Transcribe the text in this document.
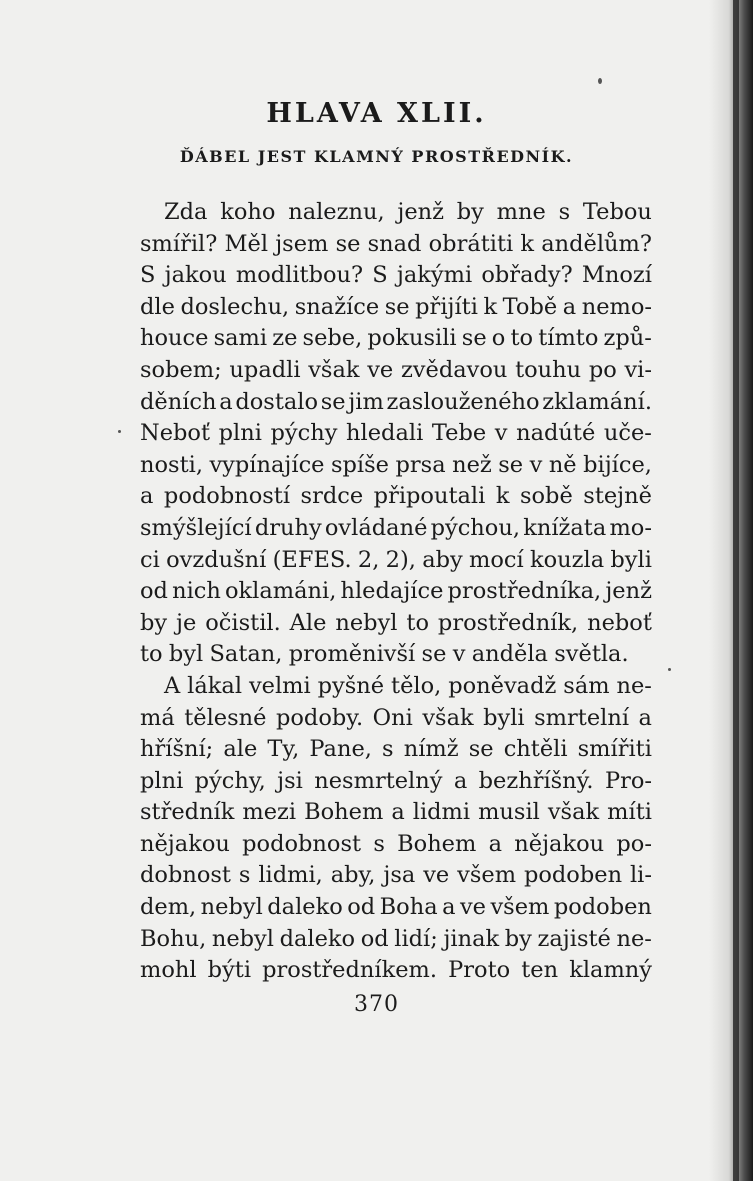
HLAVA XLII.
ĎÁBEL JEST KLAMNÝ PROSTŘEDNÍK.
Zda koho naleznu, jenž by mne s Tebou
smířil? Měl jsem se snad obrátiti k andělům?
S jakou modlitbou? S jakými obřady? Mnozí
dle doslechu, snažíce se přijíti k Tobě a nemo-
houce sami ze sebe, pokusili se o to tímto způ-
sobem; upadli však ve zvědavou touhu po vi-
děních a dostalo se jim zaslouženého zklamání.
Neboť plni pýchy hledali Tebe v nadúté uče-
nosti, vypínajíce spíše prsa než se v ně bijíce,
a podobností srdce připoutali k sobě stejně
smýšlející druhy ovládané pýchou, knížata mo-
ci ovzdušní (EFES. 2, 2), aby mocí kouzla byli
od nich oklamáni, hledajíce prostředníka, jenž
by je očistil. Ale nebyl to prostředník, neboť
to byl Satan, proměnivší se v anděla světla.
A lákal velmi pyšné tělo, poněvadž sám ne-
má tělesné podoby. Oni však byli smrtelní a
hříšní; ale Ty, Pane, s nímž se chtěli smířiti
plni pýchy, jsi nesmrtelný a bezhříšný. Pro-
středník mezi Bohem a lidmi musil však míti
nějakou podobnost s Bohem a nějakou po-
dobnost s lidmi, aby, jsa ve všem podoben li-
dem, nebyl daleko od Boha a ve všem podoben
Bohu, nebyl daleko od lidí; jinak by zajisté ne-
mohl býti prostředníkem. Proto ten klamný
370
